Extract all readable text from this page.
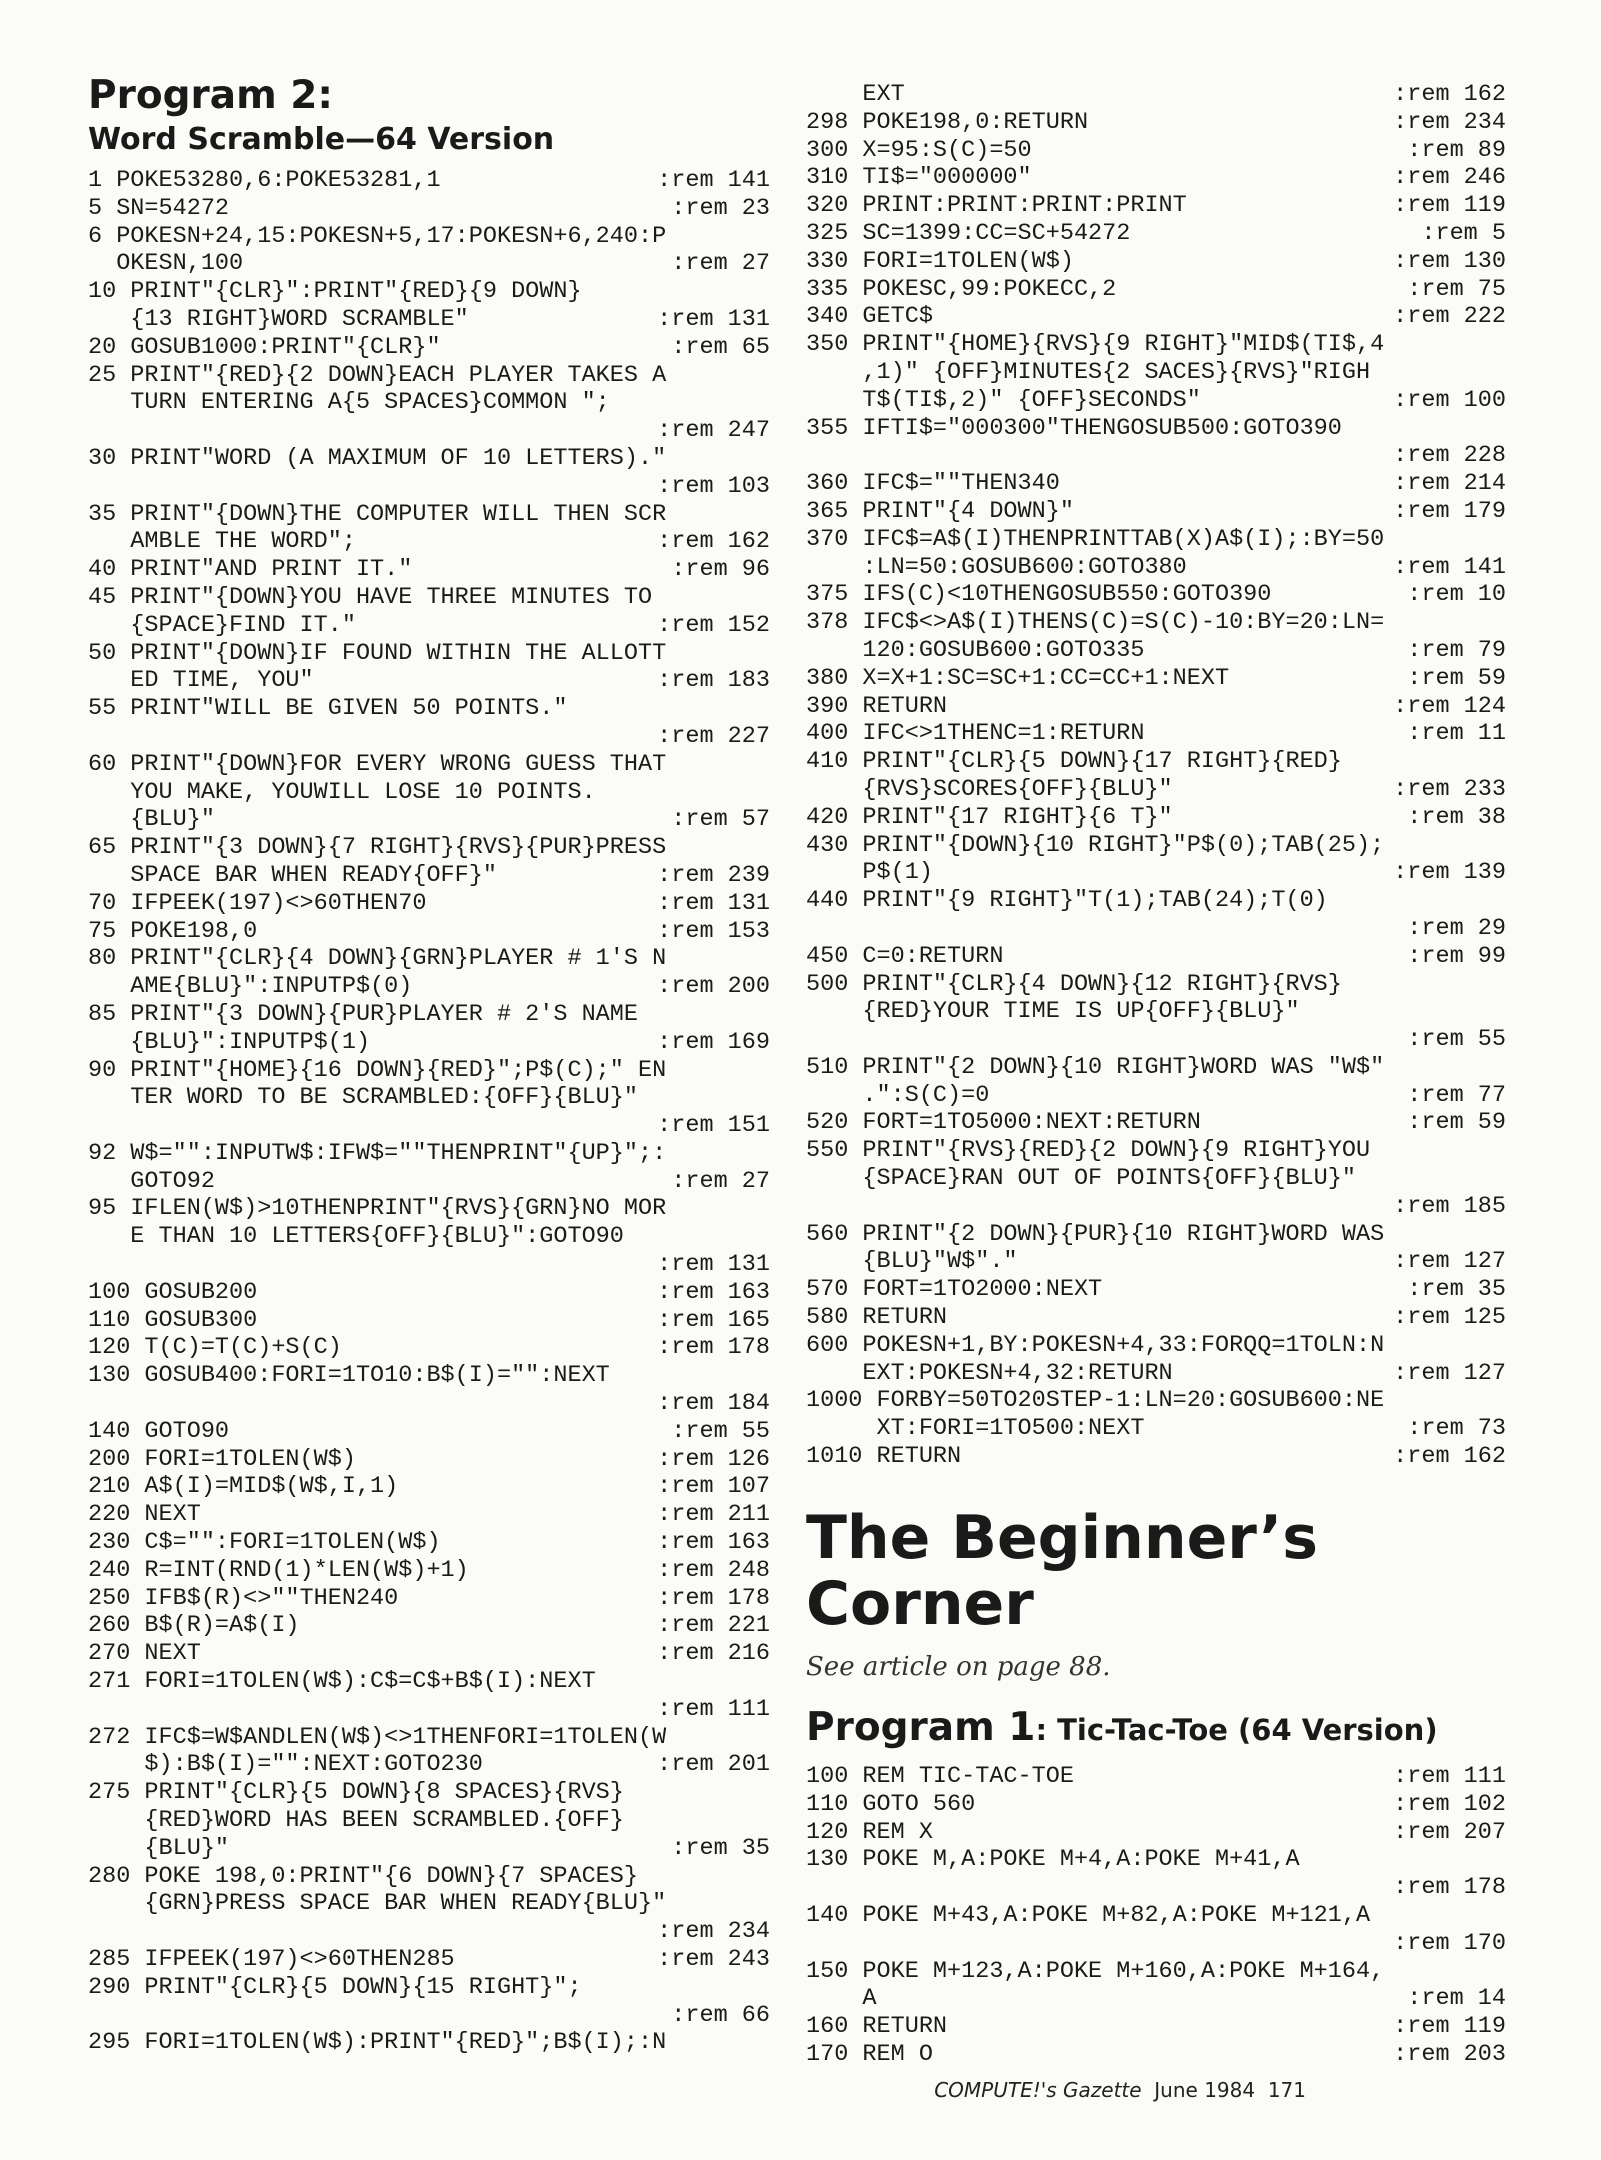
Program 2:
Word Scramble—64 Version
1 POKE53280,6:POKE53281,1	:rem 141
5 SN=54272	:rem 23
6 POKESN+24,15:POKESN+5,17:POKESN+6,240:P
OKESN,100	:rem 27
10 PRINT"{CLR}":PRINT"{RED}{9 DOWN}
{13 RIGHT}WORD SCRAMBLE"	:rem 131
20 GOSUB1000:PRINT"{CLR}"	:rem 65
25 PRINT"{RED}{2 DOWN}EACH PLAYER TAKES A
TURN ENTERING A{5 SPACES}COMMON ";
:rem 247
30 PRINT"WORD (A MAXIMUM OF 10 LETTERS)."
:rem 103
35 PRINT"{DOWN}THE COMPUTER WILL THEN SCR
AMBLE THE WORD";	:rem 162
40 PRINT"AND PRINT IT."	:rem 96
45 PRINT"{DOWN}YOU HAVE THREE MINUTES TO
{SPACE}FIND IT."	:rem 152
50 PRINT"{DOWN}IF FOUND WITHIN THE ALLOTT
ED TIME, YOU"	:rem 183
55 PRINT"WILL BE GIVEN 50 POINTS."
:rem 227
60 PRINT"{DOWN}FOR EVERY WRONG GUESS THAT
YOU MAKE, YOUWILL LOSE 10 POINTS.
{BLU}"	:rem 57
65 PRINT"{3 DOWN}{7 RIGHT}{RVS}{PUR}PRESS
SPACE BAR WHEN READY{OFF}"	:rem 239
70 IFPEEK(197)<>60THEN70	:rem 131
75 POKE198,0	:rem 153
80 PRINT"{CLR}{4 DOWN}{GRN}PLAYER # 1'S N
AME{BLU}":INPUTP$(0)	:rem 200
85 PRINT"{3 DOWN}{PUR}PLAYER # 2'S NAME
{BLU}":INPUTP$(1)	:rem 169
90 PRINT"{HOME}{16 DOWN}{RED}";P$(C);" EN
TER WORD TO BE SCRAMBLED:{OFF}{BLU}"
:rem 151
92 W$="":INPUTW$:IFW$=""THENPRINT"{UP}";:
GOTO92	:rem 27
95 IFLEN(W$)>10THENPRINT"{RVS}{GRN}NO MOR
E THAN 10 LETTERS{OFF}{BLU}":GOTO90
:rem 131
100 GOSUB200	:rem 163
110 GOSUB300	:rem 165
120 T(C)=T(C)+S(C)	:rem 178
130 GOSUB400:FORI=1TO10:B$(I)="":NEXT
:rem 184
140 GOTO90	:rem 55
200 FORI=1TOLEN(W$)	:rem 126
210 A$(I)=MID$(W$,I,1)	:rem 107
220 NEXT	:rem 211
230 C$="":FORI=1TOLEN(W$)	:rem 163
240 R=INT(RND(1)*LEN(W$)+1)	:rem 248
250 IFB$(R)<>""THEN240	:rem 178
260 B$(R)=A$(I)	:rem 221
270 NEXT	:rem 216
271 FORI=1TOLEN(W$):C$=C$+B$(I):NEXT
:rem 111
272 IFC$=W$ANDLEN(W$)<>1THENFORI=1TOLEN(W
$):B$(I)="":NEXT:GOTO230	:rem 201
275 PRINT"{CLR}{5 DOWN}{8 SPACES}{RVS}
{RED}WORD HAS BEEN SCRAMBLED.{OFF}
{BLU}"	:rem 35
280 POKE 198,0:PRINT"{6 DOWN}{7 SPACES}
{GRN}PRESS SPACE BAR WHEN READY{BLU}"
:rem 234
285 IFPEEK(197)<>60THEN285	:rem 243
290 PRINT"{CLR}{5 DOWN}{15 RIGHT}";
:rem 66
295 FORI=1TOLEN(W$):PRINT"{RED}";B$(I);:N
EXT	:rem 162
298 POKE198,0:RETURN	:rem 234
300 X=95:S(C)=50	:rem 89
310 TI$="000000"	:rem 246
320 PRINT:PRINT:PRINT:PRINT	:rem 119
325 SC=1399:CC=SC+54272	:rem 5
330 FORI=1TOLEN(W$)	:rem 130
335 POKESC,99:POKECC,2	:rem 75
340 GETC$	:rem 222
350 PRINT"{HOME}{RVS}{9 RIGHT}"MID$(TI$,4
,1)" {OFF}MINUTES{2 SACES}{RVS}"RIGH
T$(TI$,2)" {OFF}SECONDS"	:rem 100
355 IFTI$="000300"THENGOSUB500:GOTO390
:rem 228
360 IFC$=""THEN340	:rem 214
365 PRINT"{4 DOWN}"	:rem 179
370 IFC$=A$(I)THENPRINTTAB(X)A$(I);:BY=50
:LN=50:GOSUB600:GOTO380	:rem 141
375 IFS(C)<10THENGOSUB550:GOTO390	:rem 10
378 IFC$<>A$(I)THENS(C)=S(C)-10:BY=20:LN=
120:GOSUB600:GOTO335	:rem 79
380 X=X+1:SC=SC+1:CC=CC+1:NEXT	:rem 59
390 RETURN	:rem 124
400 IFC<>1THENC=1:RETURN	:rem 11
410 PRINT"{CLR}{5 DOWN}{17 RIGHT}{RED}
{RVS}SCORES{OFF}{BLU}"	:rem 233
420 PRINT"{17 RIGHT}{6 T}"	:rem 38
430 PRINT"{DOWN}{10 RIGHT}"P$(0);TAB(25);
P$(1)	:rem 139
440 PRINT"{9 RIGHT}"T(1);TAB(24);T(0)
:rem 29
450 C=0:RETURN	:rem 99
500 PRINT"{CLR}{4 DOWN}{12 RIGHT}{RVS}
{RED}YOUR TIME IS UP{OFF}{BLU}"
:rem 55
510 PRINT"{2 DOWN}{10 RIGHT}WORD WAS "W$"
.":S(C)=0	:rem 77
520 FORT=1TO5000:NEXT:RETURN	:rem 59
550 PRINT"{RVS}{RED}{2 DOWN}{9 RIGHT}YOU
{SPACE}RAN OUT OF POINTS{OFF}{BLU}"
:rem 185
560 PRINT"{2 DOWN}{PUR}{10 RIGHT}WORD WAS
{BLU}"W$"."	:rem 127
570 FORT=1TO2000:NEXT	:rem 35
580 RETURN	:rem 125
600 POKESN+1,BY:POKESN+4,33:FORQQ=1TOLN:N
EXT:POKESN+4,32:RETURN	:rem 127
1000 FORBY=50TO20STEP-1:LN=20:GOSUB600:NE
XT:FORI=1TO500:NEXT	:rem 73
1010 RETURN	:rem 162
The Beginner’s
Corner
See article on page 88.
Program 1: Tic-Tac-Toe (64 Version)
100 REM TIC-TAC-TOE	:rem 111
110 GOTO 560	:rem 102
120 REM X	:rem 207
130 POKE M,A:POKE M+4,A:POKE M+41,A
:rem 178
140 POKE M+43,A:POKE M+82,A:POKE M+121,A
:rem 170
150 POKE M+123,A:POKE M+160,A:POKE M+164,
A	:rem 14
160 RETURN	:rem 119
170 REM O	:rem 203
COMPUTE!'s Gazette June 1984 171
